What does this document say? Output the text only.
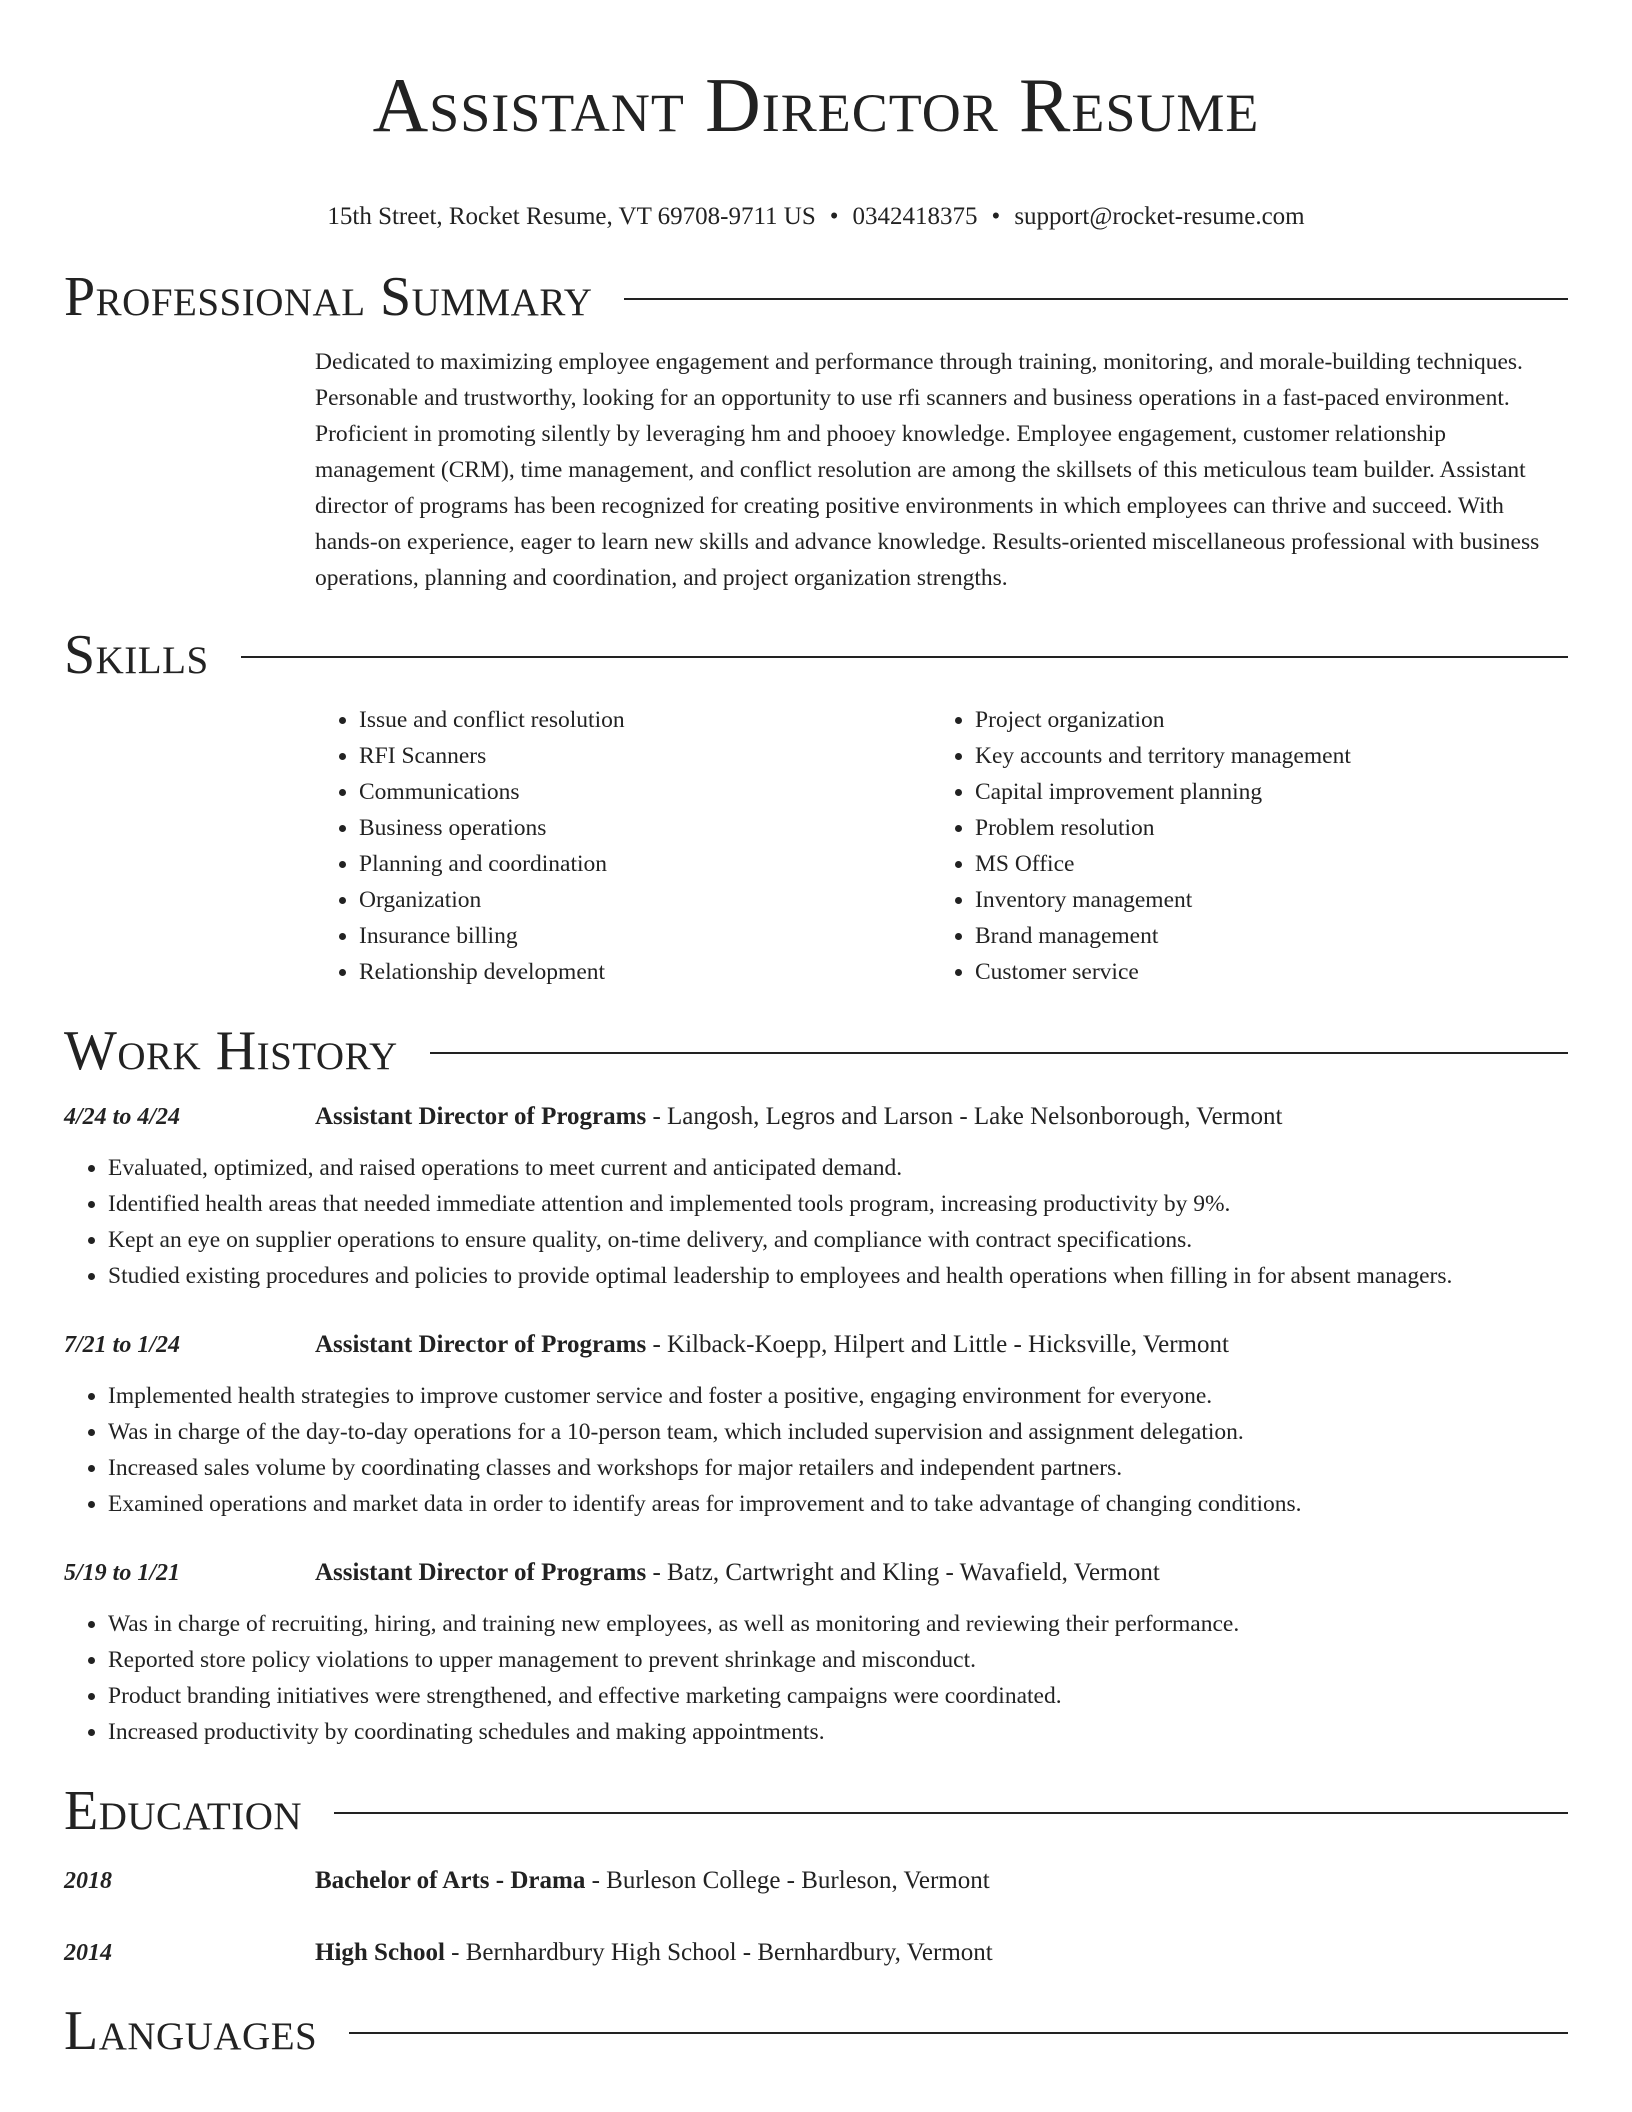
Assistant Director Resume
15th Street, Rocket Resume, VT 69708-9711 US • 0342418375 • support@rocket-resume.com
Professional Summary

Dedicated to maximizing employee engagement and performance through training, monitoring, and morale-building techniques. Personable and trustworthy, looking for an opportunity to use rfi scanners and business operations in a fast-paced environment. Proficient in promoting silently by leveraging hm and phooey knowledge. Employee engagement, customer relationship management (CRM), time management, and conflict resolution are among the skillsets of this meticulous team builder. Assistant director of programs has been recognized for creating positive environments in which employees can thrive and succeed. With hands-on experience, eager to learn new skills and advance knowledge. Results-oriented miscellaneous professional with business operations, planning and coordination, and project organization strengths.

Skills
• Issue and conflict resolution
• RFI Scanners
• Communications
• Business operations
• Planning and coordination
• Organization
• Insurance billing
• Relationship development
• Project organization
• Key accounts and territory management
• Capital improvement planning
• Problem resolution
• MS Office
• Inventory management
• Brand management
• Customer service
Work History
4/24 to 4/24	Assistant Director of Programs - Langosh, Legros and Larson - Lake Nelsonborough, Vermont
• Evaluated, optimized, and raised operations to meet current and anticipated demand.
• Identified health areas that needed immediate attention and implemented tools program, increasing productivity by 9%.
• Kept an eye on supplier operations to ensure quality, on-time delivery, and compliance with contract specifications.
• Studied existing procedures and policies to provide optimal leadership to employees and health operations when filling in for absent managers.
7/21 to 1/24	Assistant Director of Programs - Kilback-Koepp, Hilpert and Little - Hicksville, Vermont
• Implemented health strategies to improve customer service and foster a positive, engaging environment for everyone.
• Was in charge of the day-to-day operations for a 10-person team, which included supervision and assignment delegation.
• Increased sales volume by coordinating classes and workshops for major retailers and independent partners.
• Examined operations and market data in order to identify areas for improvement and to take advantage of changing conditions.
5/19 to 1/21	Assistant Director of Programs - Batz, Cartwright and Kling - Wavafield, Vermont
• Was in charge of recruiting, hiring, and training new employees, as well as monitoring and reviewing their performance.
• Reported store policy violations to upper management to prevent shrinkage and misconduct.
• Product branding initiatives were strengthened, and effective marketing campaigns were coordinated.
• Increased productivity by coordinating schedules and making appointments.
Education
2018	Bachelor of Arts - Drama - Burleson College - Burleson, Vermont
2014	High School - Bernhardbury High School - Bernhardbury, Vermont
Languages
